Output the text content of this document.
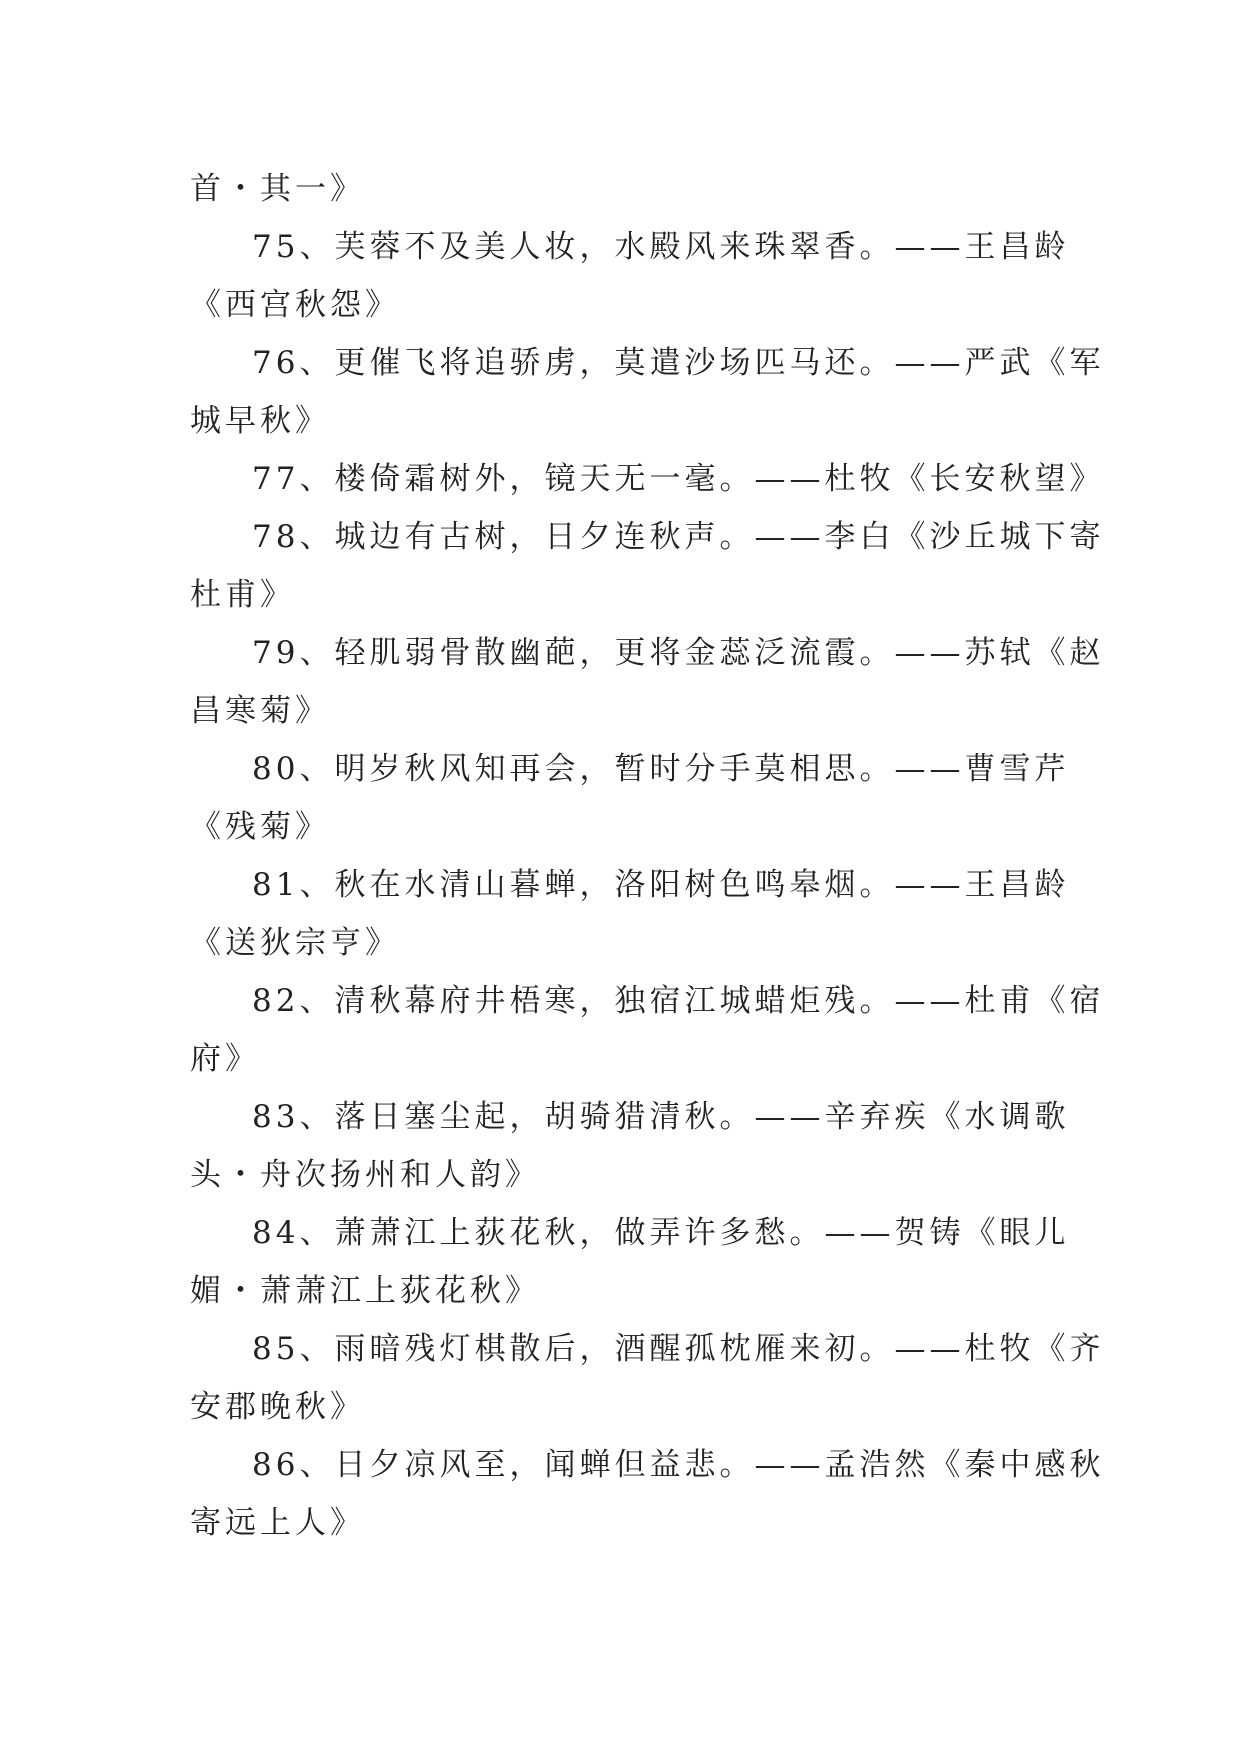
首・其一》

75、芙蓉不及美人妆，水殿风来珠翠香。——王昌龄

《西宫秋怨》

76、更催飞将追骄虏，莫遣沙场匹马还。——严武《军

城早秋》

77、楼倚霜树外，镜天无一毫。——杜牧《长安秋望》

78、城边有古树，日夕连秋声。——李白《沙丘城下寄

杜甫》

79、轻肌弱骨散幽葩，更将金蕊泛流霞。——苏轼《赵

昌寒菊》

80、明岁秋风知再会，暂时分手莫相思。——曹雪芹

《残菊》

81、秋在水清山暮蝉，洛阳树色鸣皋烟。——王昌龄

《送狄宗亨》

82、清秋幕府井梧寒，独宿江城蜡炬残。——杜甫《宿

府》

83、落日塞尘起，胡骑猎清秋。——辛弃疾《水调歌

头・舟次扬州和人韵》

84、萧萧江上荻花秋，做弄许多愁。——贺铸《眼儿

媚・萧萧江上荻花秋》

85、雨暗残灯棋散后，酒醒孤枕雁来初。——杜牧《齐

安郡晚秋》

86、日夕凉风至，闻蝉但益悲。——孟浩然《秦中感秋

寄远上人》
